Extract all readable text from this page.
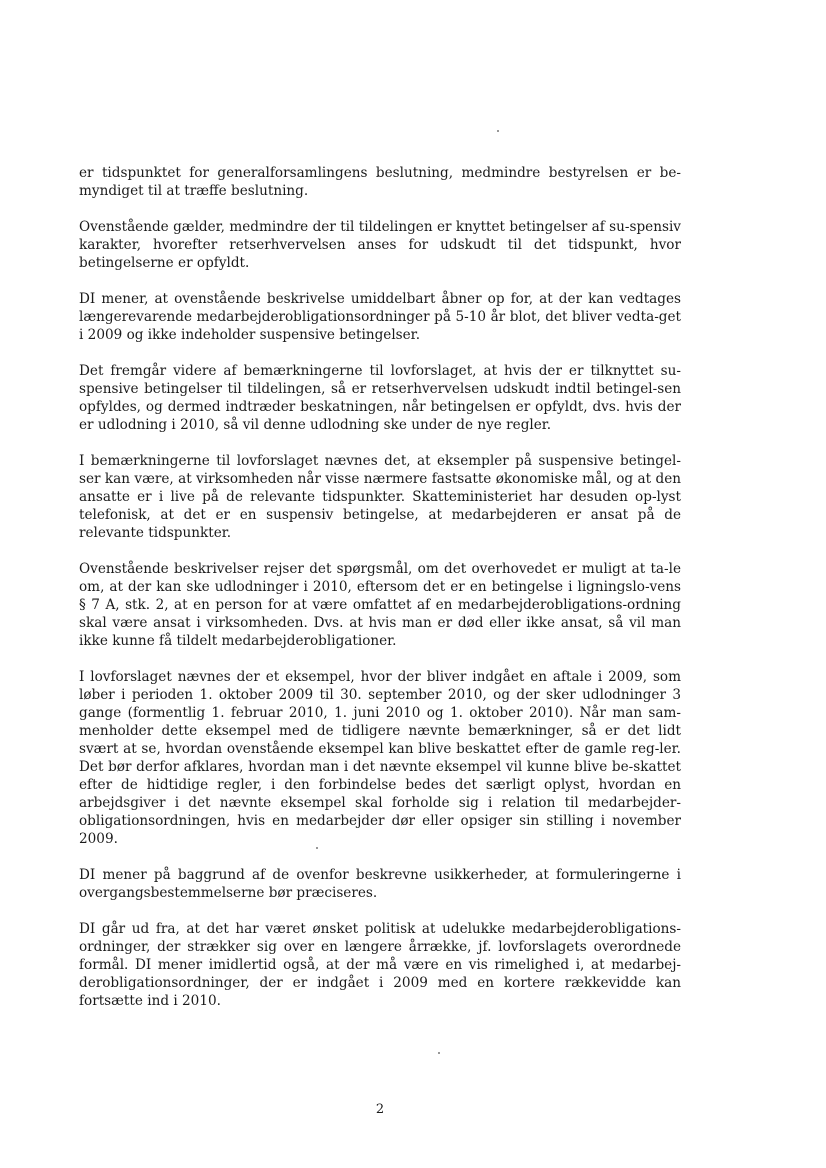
er tidspunktet for generalforsamlingens beslutning, medmindre bestyrelsen er be-myndiget til at træffe beslutning.

Ovenstående gælder, medmindre der til tildelingen er knyttet betingelser af su-spensiv karakter, hvorefter retserhvervelsen anses for udskudt til det tidspunkt, hvor betingelserne er opfyldt.

DI mener, at ovenstående beskrivelse umiddelbart åbner op for, at der kan vedtages længerevarende medarbejderobligationsordninger på 5-10 år blot, det bliver vedta-get i 2009 og ikke indeholder suspensive betingelser.

Det fremgår videre af bemærkningerne til lovforslaget, at hvis der er tilknyttet su-spensive betingelser til tildelingen, så er retserhvervelsen udskudt indtil betingel-sen opfyldes, og dermed indtræder beskatningen, når betingelsen er opfyldt, dvs. hvis der er udlodning i 2010, så vil denne udlodning ske under de nye regler.

I bemærkningerne til lovforslaget nævnes det, at eksempler på suspensive betingel-ser kan være, at virksomheden når visse nærmere fastsatte økonomiske mål, og at den ansatte er i live på de relevante tidspunkter. Skatteministeriet har desuden op-lyst telefonisk, at det er en suspensiv betingelse, at medarbejderen er ansat på de relevante tidspunkter.

Ovenstående beskrivelser rejser det spørgsmål, om det overhovedet er muligt at ta-le om, at der kan ske udlodninger i 2010, eftersom det er en betingelse i ligningslo-vens § 7 A, stk. 2, at en person for at være omfattet af en medarbejderobligations-ordning skal være ansat i virksomheden. Dvs. at hvis man er død eller ikke ansat, så vil man ikke kunne få tildelt medarbejderobligationer.

I lovforslaget nævnes der et eksempel, hvor der bliver indgået en aftale i 2009, som løber i perioden 1. oktober 2009 til 30. september 2010, og der sker udlodninger 3 gange (formentlig 1. februar 2010, 1. juni 2010 og 1. oktober 2010). Når man sam-menholder dette eksempel med de tidligere nævnte bemærkninger, så er det lidt svært at se, hvordan ovenstående eksempel kan blive beskattet efter de gamle reg-ler. Det bør derfor afklares, hvordan man i det nævnte eksempel vil kunne blive be-skattet efter de hidtidige regler, i den forbindelse bedes det særligt oplyst, hvordan en arbejdsgiver i det nævnte eksempel skal forholde sig i relation til medarbejder-obligationsordningen, hvis en medarbejder dør eller opsiger sin stilling i november 2009.

DI mener på baggrund af de ovenfor beskrevne usikkerheder, at formuleringerne i overgangsbestemmelserne bør præciseres.

DI går ud fra, at det har været ønsket politisk at udelukke medarbejderobligations-ordninger, der strækker sig over en længere årrække, jf. lovforslagets overordnede formål. DI mener imidlertid også, at der må være en vis rimelighed i, at medarbej-derobligationsordninger, der er indgået i 2009 med en kortere rækkevidde kan fortsætte ind i 2010.

2
